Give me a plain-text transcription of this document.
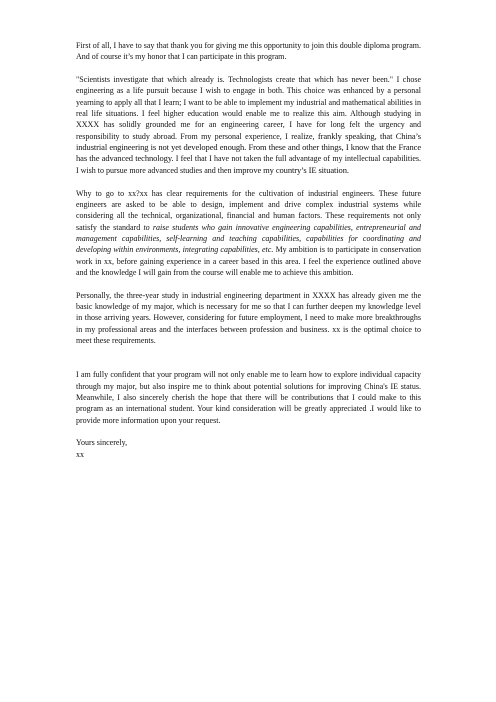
First of all, I have to say that thank you for giving me this opportunity to join this double diploma program. And of course it’s my honor that I can participate in this program.

"Scientists investigate that which already is. Technologists create that which has never been." I chose engineering as a life pursuit because I wish to engage in both. This choice was enhanced by a personal yearning to apply all that I learn; I want to be able to implement my industrial and mathematical abilities in real life situations. I feel higher education would enable me to realize this aim. Although studying in XXXX has solidly grounded me for an engineering career, I have for long felt the urgency and responsibility to study abroad. From my personal experience, I realize, frankly speaking, that China’s industrial engineering is not yet developed enough. From these and other things, I know that the France has the advanced technology. I feel that I have not taken the full advantage of my intellectual capabilities. I wish to pursue more advanced studies and then improve my country’s IE situation.

Why to go to xx?xx has clear requirements for the cultivation of industrial engineers. These future engineers are asked to be able to design, implement and drive complex industrial systems while considering all the technical, organizational, financial and human factors. These requirements not only satisfy the standard to raise students who gain innovative engineering capabilities, entrepreneurial and management capabilities, self-learning and teaching capabilities, capabilities for coordinating and developing within environments, integrating capabilities, etc. My ambition is to participate in conservation work in xx, before gaining experience in a career based in this area. I feel the experience outlined above and the knowledge I will gain from the course will enable me to achieve this ambition.

Personally, the three-year study in industrial engineering department in XXXX has already given me the basic knowledge of my major, which is necessary for me so that I can further deepen my knowledge level in those arriving years. However, considering for future employment, I need to make more breakthroughs in my professional areas and the interfaces between profession and business. xx is the optimal choice to meet these requirements.

I am fully confident that your program will not only enable me to learn how to explore individual capacity through my major, but also inspire me to think about potential solutions for improving China's IE status. Meanwhile, I also sincerely cherish the hope that there will be contributions that I could make to this program as an international student. Your kind consideration will be greatly appreciated .I would like to provide more information upon your request.

Yours sincerely,

xx
